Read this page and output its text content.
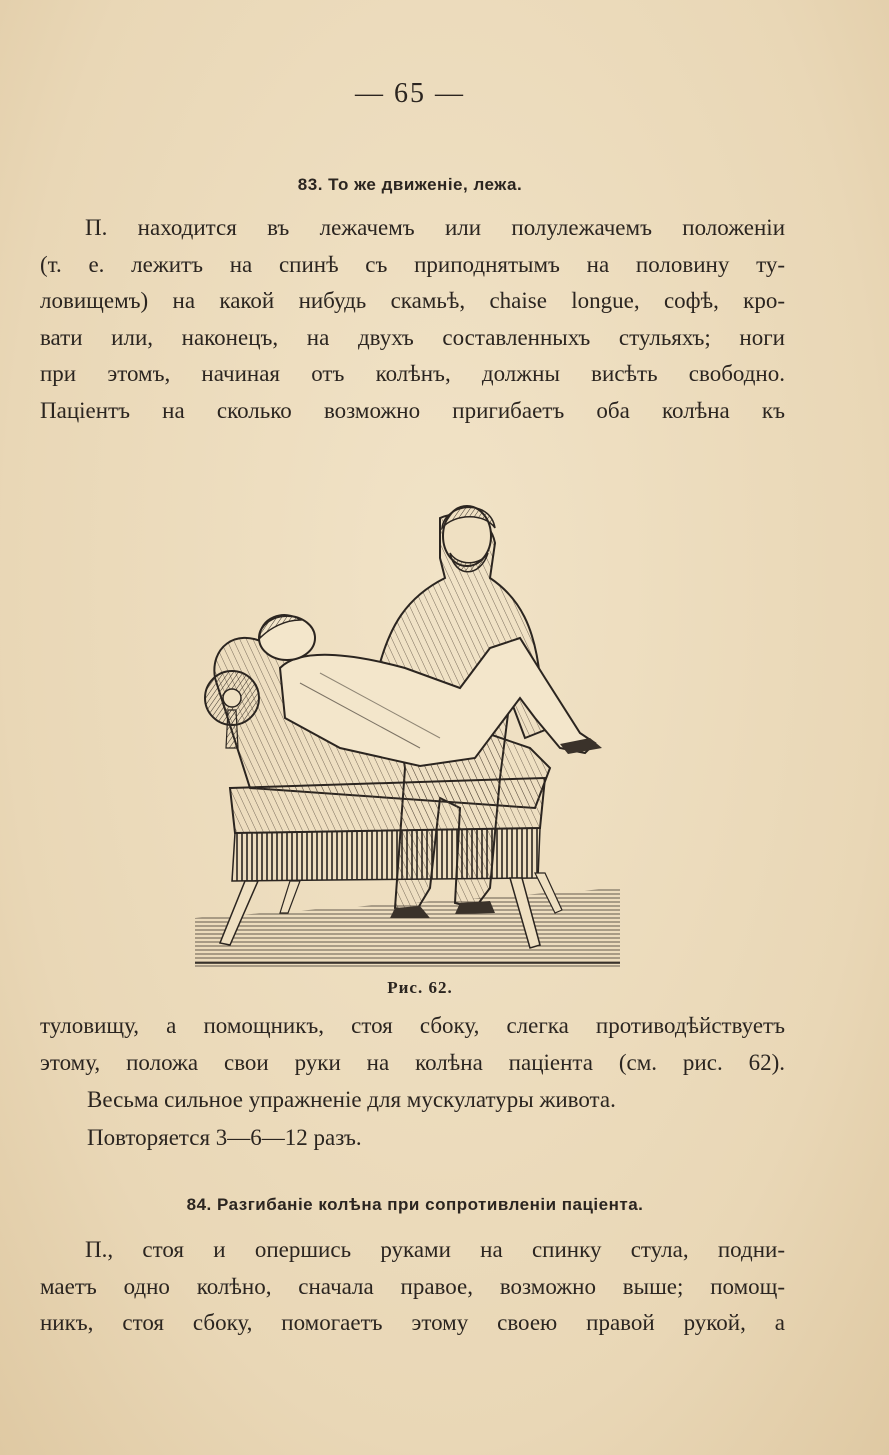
— 65 —
83. То же движеніе, лежа.
П. находится въ лежачемъ или полулежачемъ положеніи
(т. е. лежитъ на спинѣ съ приподнятымъ на половину ту-
ловищемъ) на какой нибудь скамьѣ, chaise longue, софѣ, кро-
вати или, наконецъ, на двухъ составленныхъ стульяхъ; ноги
при этомъ, начиная отъ колѣнъ, должны висѣть свободно.
Паціентъ на сколько возможно пригибаетъ оба колѣна къ
Рис. 62.
туловищу, а помощникъ, стоя сбоку, слегка противодѣйствуетъ
этому, положа свои руки на колѣна паціента (см. рис. 62).
Весьма сильное упражненіе для мускулатуры живота.
Повторяется 3—6—12 разъ.
84. Разгибаніе колѣна при сопротивленіи паціента.
П., стоя и опершись руками на спинку стула, подни-
маетъ одно колѣно, сначала правое, возможно выше; помощ-
никъ, стоя сбоку, помогаетъ этому своею правой рукой, а
